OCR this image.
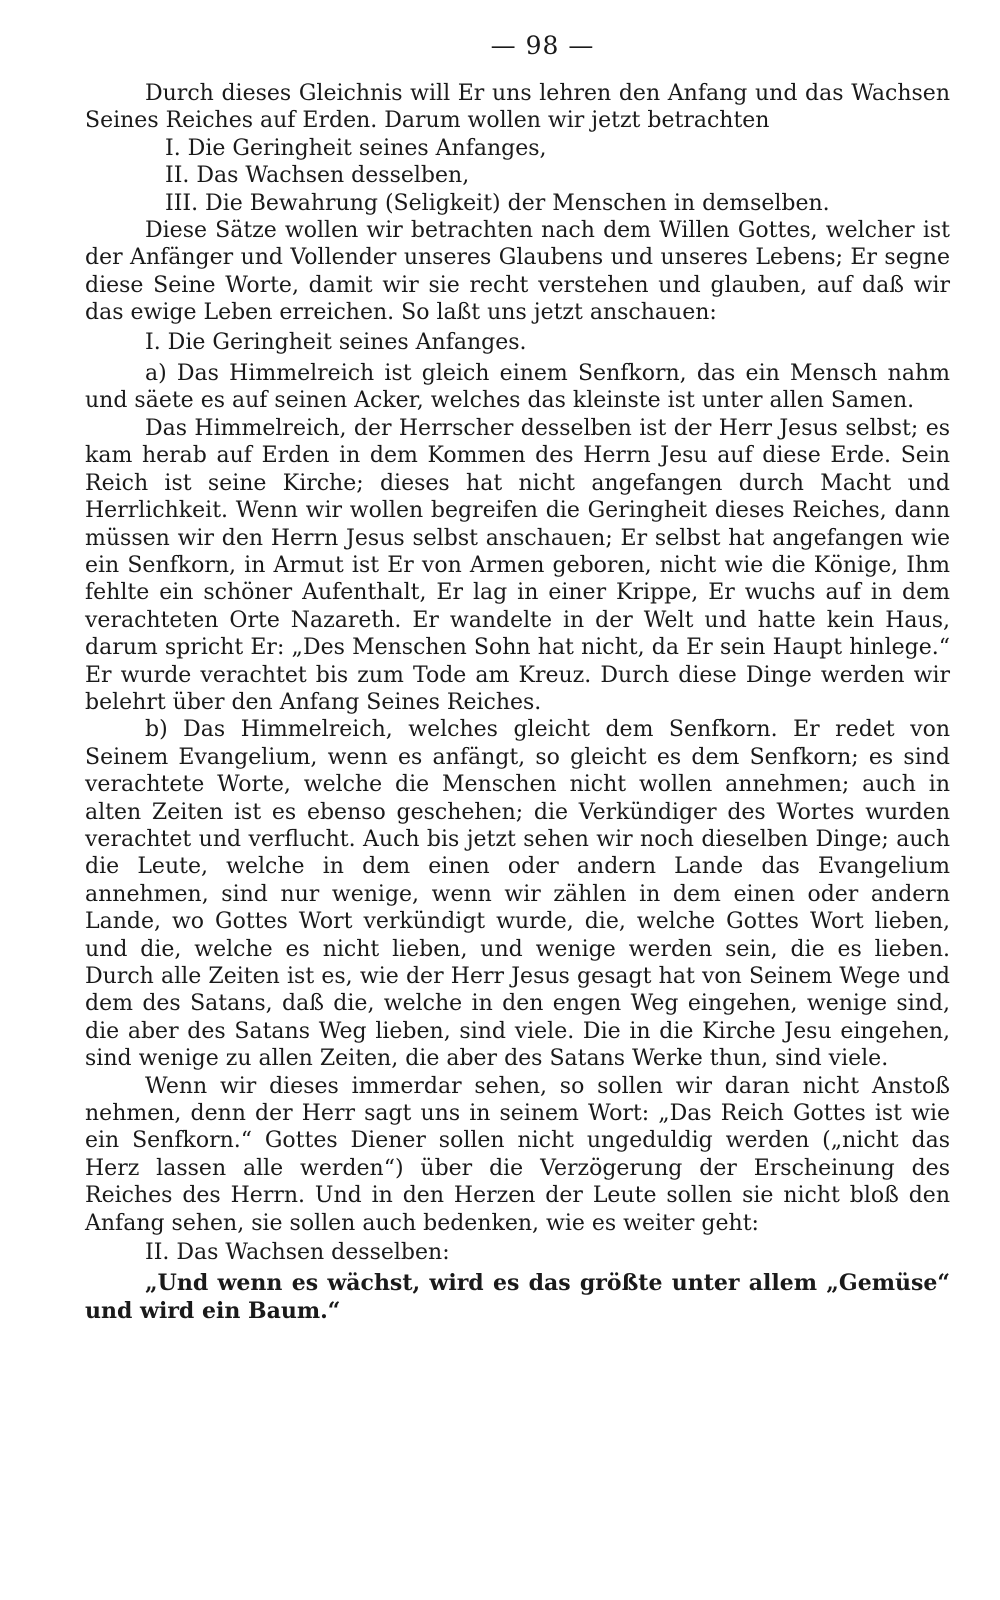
— 98 —

Durch dieses Gleichnis will Er uns lehren den Anfang und das Wachsen Seines Reiches auf Erden. Darum wollen wir jetzt betrachten

I. Die Geringheit seines Anfanges,

II. Das Wachsen desselben,

III. Die Bewahrung (Seligkeit) der Menschen in demselben.

Diese Sätze wollen wir betrachten nach dem Willen Gottes, welcher ist der Anfänger und Vollender unseres Glaubens und unseres Lebens; Er segne diese Seine Worte, damit wir sie recht verstehen und glauben, auf daß wir das ewige Leben erreichen. So laßt uns jetzt anschauen:

I. Die Geringheit seines Anfanges.

a) Das Himmelreich ist gleich einem Senfkorn, das ein Mensch nahm und säete es auf seinen Acker, welches das kleinste ist unter allen Samen.

Das Himmelreich, der Herrscher desselben ist der Herr Jesus selbst; es kam herab auf Erden in dem Kommen des Herrn Jesu auf diese Erde. Sein Reich ist seine Kirche; dieses hat nicht angefangen durch Macht und Herrlichkeit. Wenn wir wollen begreifen die Geringheit dieses Reiches, dann müssen wir den Herrn Jesus selbst anschauen; Er selbst hat angefangen wie ein Senfkorn, in Armut ist Er von Armen geboren, nicht wie die Könige, Ihm fehlte ein schöner Aufenthalt, Er lag in einer Krippe, Er wuchs auf in dem verachteten Orte Nazareth. Er wandelte in der Welt und hatte kein Haus, darum spricht Er: „Des Menschen Sohn hat nicht, da Er sein Haupt hinlege.“ Er wurde verachtet bis zum Tode am Kreuz. Durch diese Dinge werden wir belehrt über den Anfang Seines Reiches.

b) Das Himmelreich, welches gleicht dem Senfkorn. Er redet von Seinem Evangelium, wenn es anfängt, so gleicht es dem Senfkorn; es sind verachtete Worte, welche die Menschen nicht wollen annehmen; auch in alten Zeiten ist es ebenso geschehen; die Verkündiger des Wortes wurden verachtet und verflucht. Auch bis jetzt sehen wir noch dieselben Dinge; auch die Leute, welche in dem einen oder andern Lande das Evangelium annehmen, sind nur wenige, wenn wir zählen in dem einen oder andern Lande, wo Gottes Wort verkündigt wurde, die, welche Gottes Wort lieben, und die, welche es nicht lieben, und wenige werden sein, die es lieben. Durch alle Zeiten ist es, wie der Herr Jesus gesagt hat von Seinem Wege und dem des Satans, daß die, welche in den engen Weg eingehen, wenige sind, die aber des Satans Weg lieben, sind viele. Die in die Kirche Jesu eingehen, sind wenige zu allen Zeiten, die aber des Satans Werke thun, sind viele.

Wenn wir dieses immerdar sehen, so sollen wir daran nicht Anstoß nehmen, denn der Herr sagt uns in seinem Wort: „Das Reich Gottes ist wie ein Senfkorn.“ Gottes Diener sollen nicht ungeduldig werden („nicht das Herz lassen alle werden“) über die Verzögerung der Erscheinung des Reiches des Herrn. Und in den Herzen der Leute sollen sie nicht bloß den Anfang sehen, sie sollen auch bedenken, wie es weiter geht:

II. Das Wachsen desselben:

„Und wenn es wächst, wird es das größte unter allem „Gemüse“ und wird ein Baum.“
